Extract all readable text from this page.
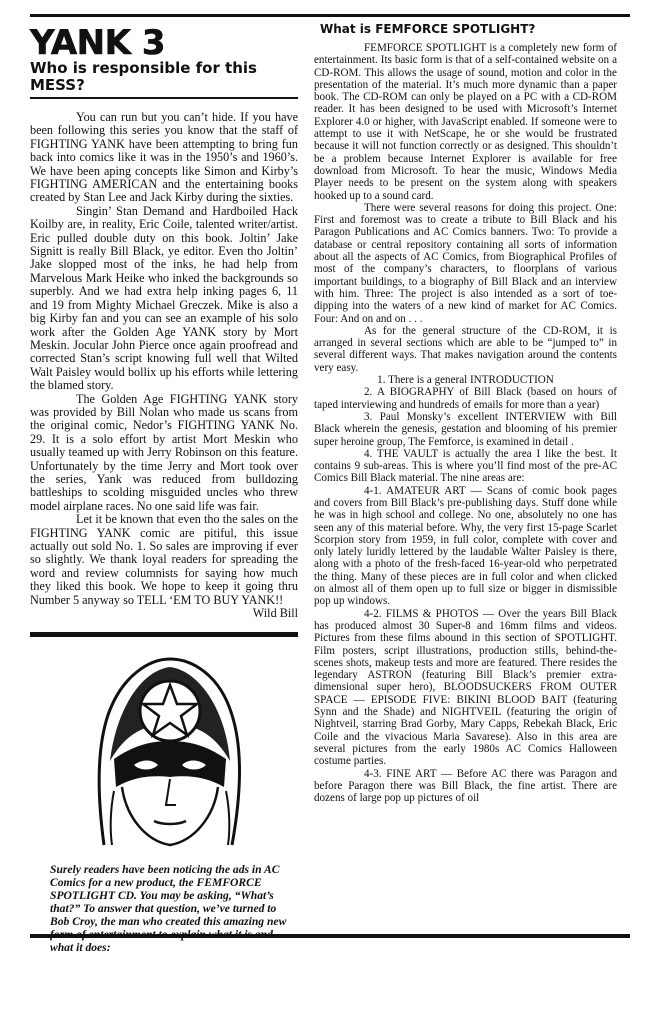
YANK 3
Who is responsible for this MESS?

You can run but you can’t hide. If you have been following this series you know that the staff of FIGHTING YANK have been attempting to bring fun back into comics like it was in the 1950’s and 1960’s. We have been aping concepts like Simon and Kirby’s FIGHTING AMERICAN and the entertaining books created by Stan Lee and Jack Kirby during the sixties.

Singin’ Stan Demand and Hardboiled Hack Koilby are, in reality, Eric Coile, talented writer/artist. Eric pulled double duty on this book. Joltin’ Jake Signitt is really Bill Black, ye editor. Even tho Joltin’ Jake slopped most of the inks, he had help from Marvelous Mark Heike who inked the backgrounds so superbly. And we had extra help inking pages 6, 11 and 19 from Mighty Michael Greczek. Mike is also a big Kirby fan and you can see an example of his solo work after the Golden Age YANK story by Mort Meskin. Jocular John Pierce once again proofread and corrected Stan’s script knowing full well that Wilted Walt Paisley would bollix up his efforts while lettering the blamed story.

The Golden Age FIGHTING YANK story was provided by Bill Nolan who made us scans from the original comic, Nedor’s FIGHTING YANK No. 29. It is a solo effort by artist Mort Meskin who usually teamed up with Jerry Robinson on this feature. Unfortunately by the time Jerry and Mort took over the series, Yank was reduced from bulldozing battleships to scolding misguided uncles who threw model airplane races. No one said life was fair.

Let it be known that even tho the sales on the FIGHTING YANK comic are pitiful, this issue actually out sold No. 1. So sales are improving if ever so slightly. We thank loyal readers for spreading the word and review columnists for saying how much they liked this book. We hope to keep it going thru Number 5 anyway so TELL ‘EM TO BUY YANK!!

Wild Bill

Surely readers have been noticing the ads in AC Comics for a new product, the FEMFORCE SPOTLIGHT CD. You may be asking, “What’s that?” To answer that question, we’ve turned to Bob Croy, the man who created this amazing new what it does:

What is FEMFORCE SPOTLIGHT?

FEMFORCE SPOTLIGHT is a completely new form of entertainment. Its basic form is that of a self-contained website on a CD-ROM. This allows the usage of sound, motion and color in the presentation of the material. It’s much more dynamic than a paper book. The CD-ROM can only be played on a PC with a CD-ROM reader. It has been designed to be used with Microsoft’s Internet Explorer 4.0 or higher, with JavaScript enabled. If someone were to attempt to use it with NetScape, he or she would be frustrated because it will not function correctly or as designed. This shouldn’t be a problem because Internet Explorer is available for free download from Microsoft. To hear the music, Windows Media Player needs to be present on the system along with speakers hooked up to a sound card.

There were several reasons for doing this project. One: First and foremost was to create a tribute to Bill Black and his Paragon Publications and AC Comics banners. Two: To provide a database or central repository containing all sorts of information about all the aspects of AC Comics, from Biographical Profiles of most of the company’s characters, to floorplans of various important buildings, to a biography of Bill Black and an interview with him. Three: The project is also intended as a sort of toe-dipping into the waters of a new kind of market for AC Comics. Four: And on and on . . .

As for the general structure of the CD-ROM, it is arranged in several sections which are able to be “jumped to” in several different ways. That makes navigation around the contents very easy.

1. There is a general INTRODUCTION

2. A BIOGRAPHY of Bill Black (based on hours of taped interviewing and hundreds of emails for more than a year)

3. Paul Monsky’s excellent INTERVIEW with Bill Black wherein the genesis, gestation and blooming of his premier super heroine group, The Femforce, is examined in detail .

4. THE VAULT is actually the area I like the best. It contains 9 sub-areas. This is where you’ll find most of the pre-AC Comics Bill Black material. The nine areas are:

4-1. AMATEUR ART — Scans of comic book pages and covers from Bill Black’s pre-publishing days. Stuff done while he was in high school and college. No one, absolutely no one has seen any of this material before. Why, the very first 15-page Scarlet Scorpion story from 1959, in full color, complete with cover and only lately luridly lettered by the laudable Walter Paisley is there, along with a photo of the fresh-faced 16-year-old who perpetrated the thing. Many of these pieces are in full color and when clicked on almost all of them open up to full size or bigger in dismissible pop up windows.

4-2. FILMS & PHOTOS — Over the years Bill Black has produced almost 30 Super-8 and 16mm films and videos. Pictures from these films abound in this section of SPOTLIGHT. Film posters, script illustrations, production stills, behind-the-scenes shots, makeup tests and more are featured. There resides the legendary ASTRON (featuring Bill Black’s premier extra-dimensional super hero), BLOODSUCKERS FROM OUTER SPACE — EPISODE FIVE: BIKINI BLOOD BAIT (featuring Synn and the Shade) and NIGHTVEIL (featuring the origin of Nightveil, starring Brad Gorby, Mary Capps, Rebekah Black, Eric Coile and the vivacious Maria Savarese). Also in this area are several pictures from the early 1980s AC Comics Halloween costume parties.

4-3. FINE ART — Before AC there was Paragon and before Paragon there was Bill Black, the fine artist. There are dozens of large pop up pictures of oil
